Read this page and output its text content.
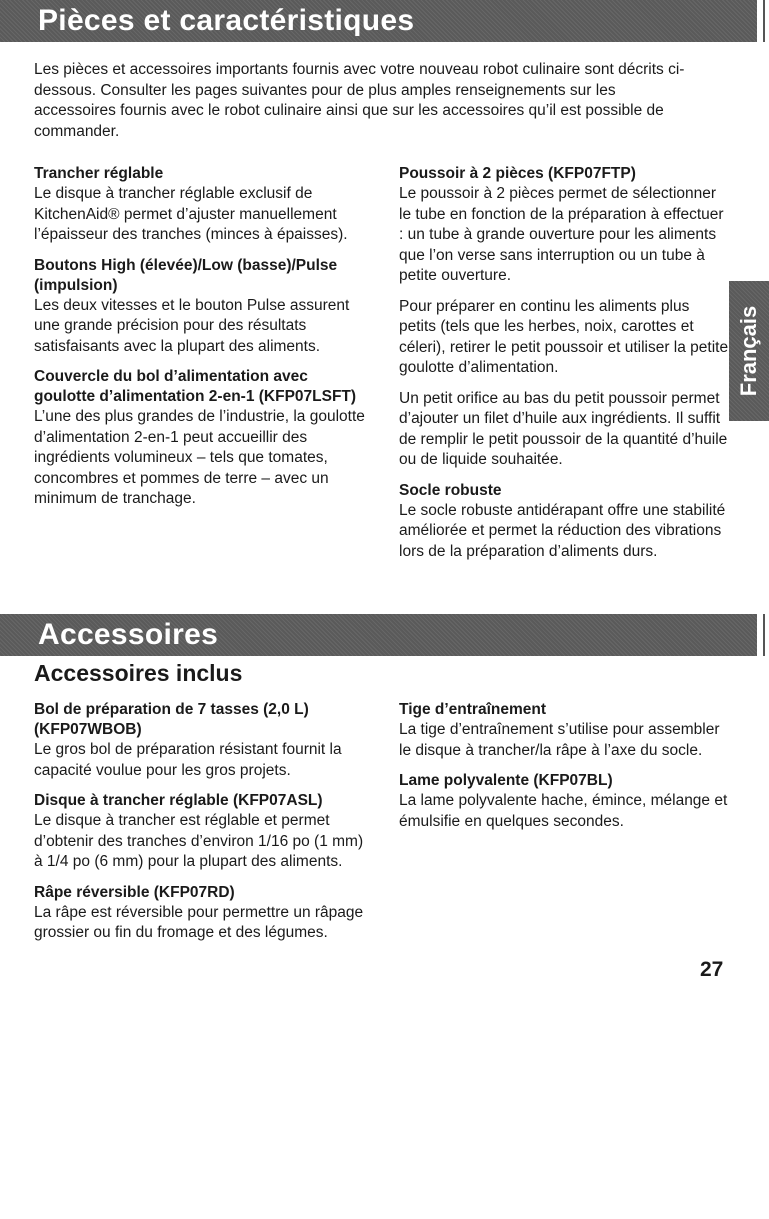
Pièces et caractéristiques

Les pièces et accessoires importants fournis avec votre nouveau robot culinaire sont décrits ci-dessous. Consulter les pages suivantes pour de plus amples renseignements sur les accessoires fournis avec le robot culinaire ainsi que sur les accessoires qu’il est possible de commander.

Trancher réglable

Le disque à trancher réglable exclusif de KitchenAid® permet d’ajuster manuellement l’épaisseur des tranches (minces à épaisses).

Boutons High (élevée)/Low (basse)/Pulse (impulsion)

Les deux vitesses et le bouton Pulse assurent une grande précision pour des résultats satisfaisants avec la plupart des aliments.

Couvercle du bol d’alimentation avec goulotte d’alimentation 2-en-1 (KFP07LSFT)

L’une des plus grandes de l’industrie, la goulotte d’alimentation 2-en-1 peut accueillir des ingrédients volumineux – tels que tomates, concombres et pommes de terre – avec un minimum de tranchage.

Poussoir à 2 pièces (KFP07FTP)

Le poussoir à 2 pièces permet de sélectionner le tube en fonction de la préparation à effectuer : un tube à grande ouverture pour les aliments que l’on verse sans interruption ou un tube à petite ouverture.

Pour préparer en continu les aliments plus petits (tels que les herbes, noix, carottes et céleri), retirer le petit poussoir et utiliser la petite goulotte d’alimentation.

Un petit orifice au bas du petit poussoir permet d’ajouter un filet d’huile aux ingrédients. Il suffit de remplir le petit poussoir de la quantité d’huile ou de liquide souhaitée.

Socle robuste

Le socle robuste antidérapant offre une stabilité améliorée et permet la réduction des vibrations lors de la préparation d’aliments durs.

Français
Accessoires
Accessoires inclus
Bol de préparation de 7 tasses (2,0 L) (KFP07WBOB)

Le gros bol de préparation résistant fournit la capacité voulue pour les gros projets.

Disque à trancher réglable (KFP07ASL)

Le disque à trancher est réglable et permet d’obtenir des tranches d’environ 1/16 po (1 mm) à 1/4 po (6 mm) pour la plupart des aliments.

Râpe réversible (KFP07RD)

La râpe est réversible pour permettre un râpage grossier ou fin du fromage et des légumes.

Tige d’entraînement

La tige d’entraînement s’utilise pour assembler le disque à trancher/la râpe à l’axe du socle.

Lame polyvalente (KFP07BL)

La lame polyvalente hache, émince, mélange et émulsifie en quelques secondes.

27
